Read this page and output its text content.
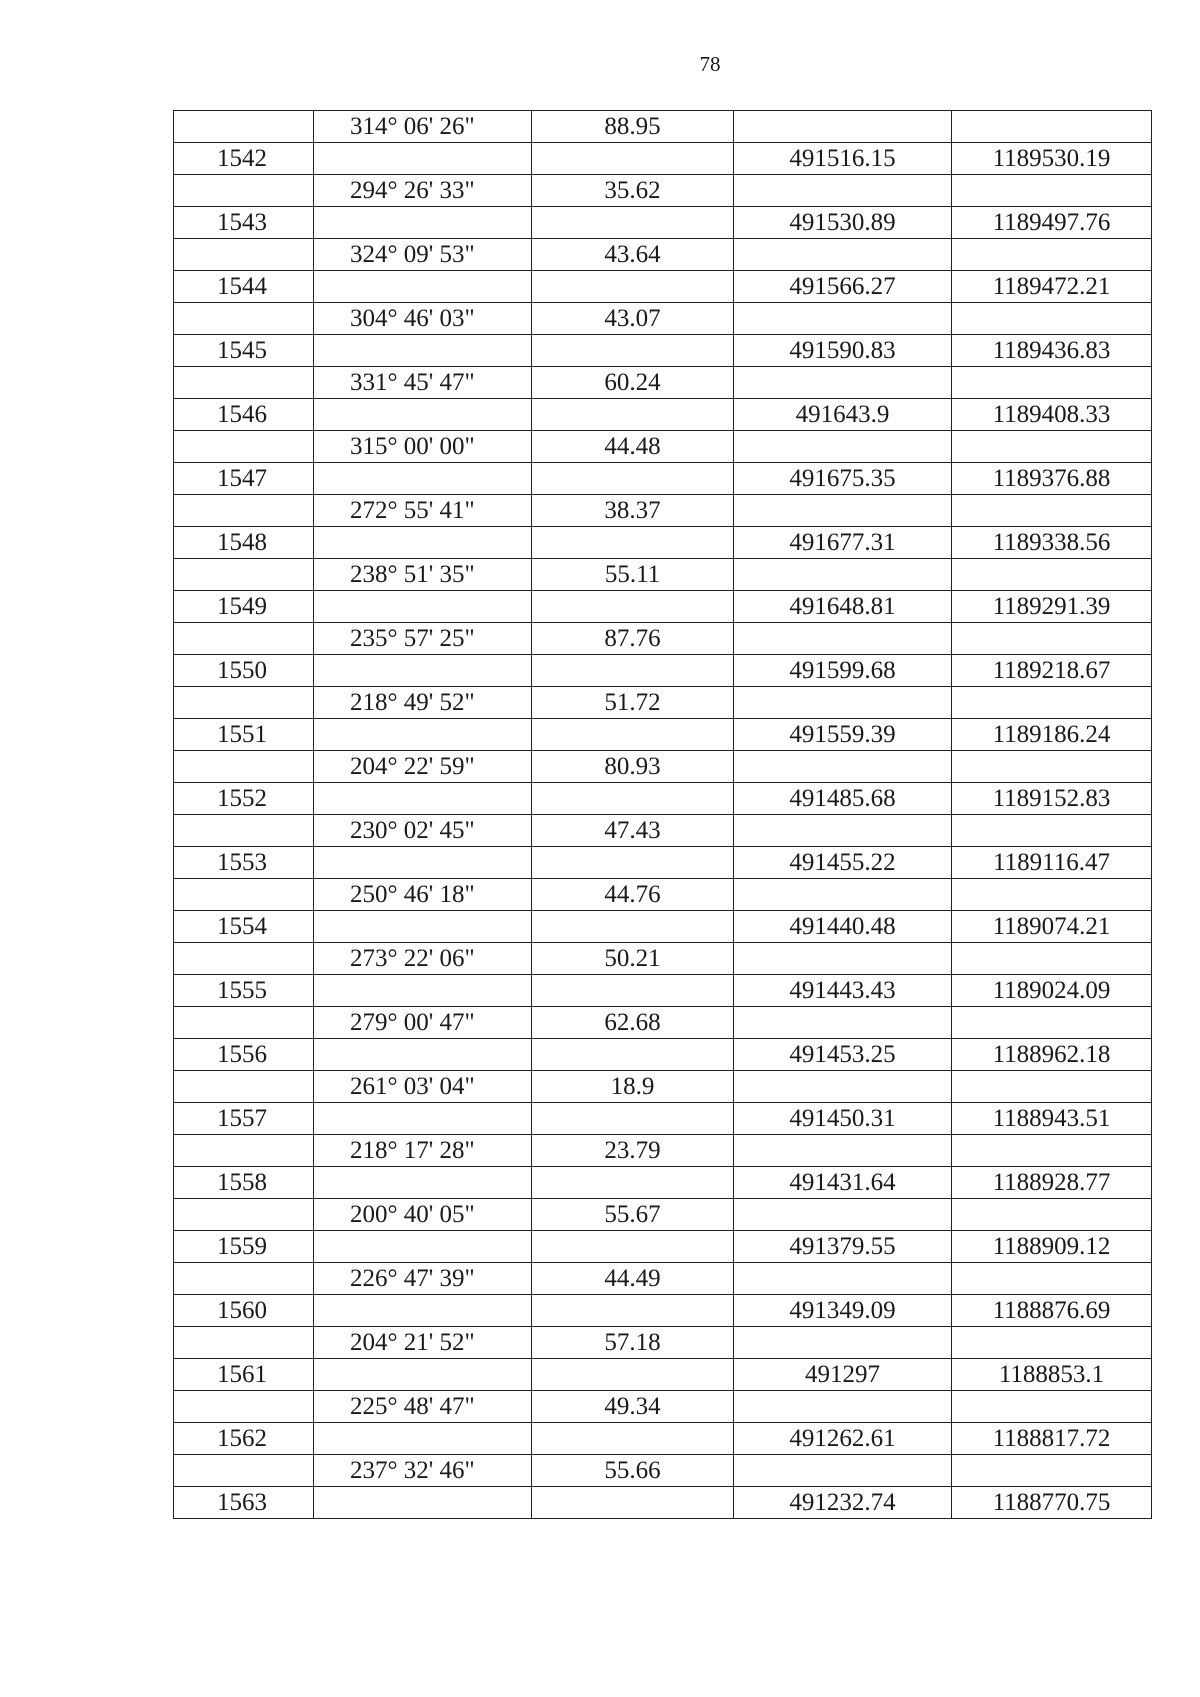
78
	314° 06' 26"	88.95		
1542			491516.15	1189530.19
	294° 26' 33"	35.62		
1543			491530.89	1189497.76
	324° 09' 53"	43.64		
1544			491566.27	1189472.21
	304° 46' 03"	43.07		
1545			491590.83	1189436.83
	331° 45' 47"	60.24		
1546			491643.9	1189408.33
	315° 00' 00"	44.48		
1547			491675.35	1189376.88
	272° 55' 41"	38.37		
1548			491677.31	1189338.56
	238° 51' 35"	55.11		
1549			491648.81	1189291.39
	235° 57' 25"	87.76		
1550			491599.68	1189218.67
	218° 49' 52"	51.72		
1551			491559.39	1189186.24
	204° 22' 59"	80.93		
1552			491485.68	1189152.83
	230° 02' 45"	47.43		
1553			491455.22	1189116.47
	250° 46' 18"	44.76		
1554			491440.48	1189074.21
	273° 22' 06"	50.21		
1555			491443.43	1189024.09
	279° 00' 47"	62.68		
1556			491453.25	1188962.18
	261° 03' 04"	18.9		
1557			491450.31	1188943.51
	218° 17' 28"	23.79		
1558			491431.64	1188928.77
	200° 40' 05"	55.67		
1559			491379.55	1188909.12
	226° 47' 39"	44.49		
1560			491349.09	1188876.69
	204° 21' 52"	57.18		
1561			491297	1188853.1
	225° 48' 47"	49.34		
1562			491262.61	1188817.72
	237° 32' 46"	55.66		
1563			491232.74	1188770.75
